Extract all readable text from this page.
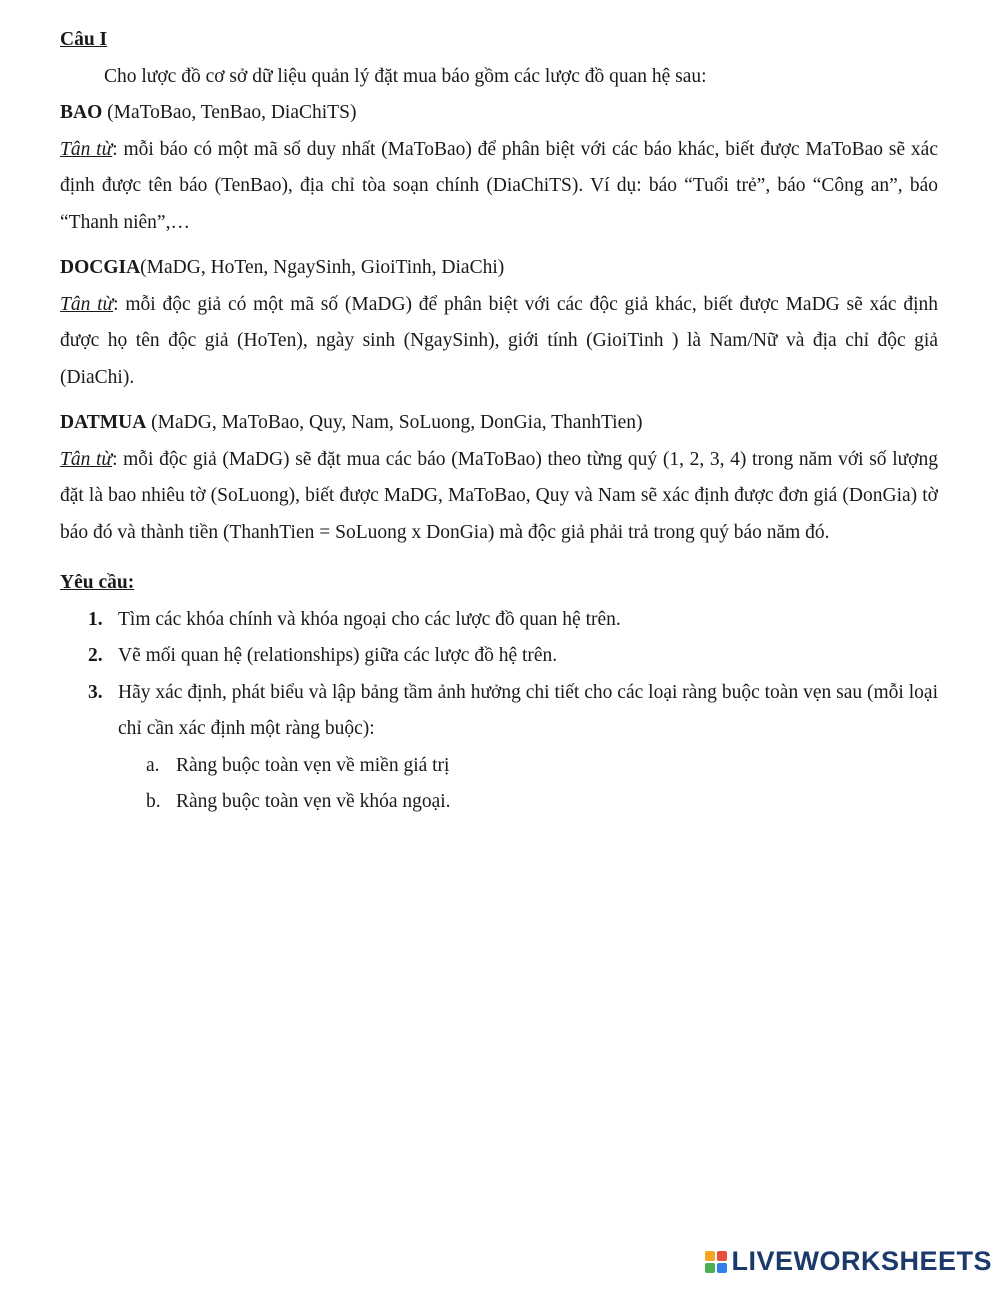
Câu I
Cho lược đồ cơ sở dữ liệu quản lý đặt mua báo gồm các lược đồ quan hệ sau:
BAO (MaToBao, TenBao, DiaChiTS)
Tân từ: mỗi báo có một mã số duy nhất (MaToBao) để phân biệt với các báo khác, biết được MaToBao sẽ xác định được tên báo (TenBao), địa chỉ tòa soạn chính (DiaChiTS). Ví dụ: báo “Tuổi trẻ”, báo “Công an”, báo “Thanh niên”,…
DOCGIA(MaDG, HoTen, NgaySinh, GioiTinh, DiaChi)
Tân từ: mỗi độc giả có một mã số (MaDG) để phân biệt với các độc giả khác, biết được MaDG sẽ xác định được họ tên độc giả (HoTen), ngày sinh (NgaySinh), giới tính (GioiTinh ) là Nam/Nữ và địa chỉ độc giả (DiaChi).
DATMUA (MaDG, MaToBao, Quy, Nam, SoLuong, DonGia, ThanhTien)
Tân từ: mỗi độc giả (MaDG) sẽ đặt mua các báo (MaToBao) theo từng quý (1, 2, 3, 4) trong năm với số lượng đặt là bao nhiêu tờ (SoLuong), biết được MaDG, MaToBao, Quy và Nam sẽ xác định được đơn giá (DonGia) tờ báo đó và thành tiền (ThanhTien = SoLuong x DonGia) mà độc giả phải trả trong quý báo năm đó.
Yêu cầu:
1. Tìm các khóa chính và khóa ngoại cho các lược đồ quan hệ trên.
2. Vẽ mối quan hệ (relationships) giữa các lược đồ hệ trên.
3. Hãy xác định, phát biểu và lập bảng tầm ảnh hưởng chi tiết cho các loại ràng buộc toàn vẹn sau (mỗi loại chỉ cần xác định một ràng buộc):
a. Ràng buộc toàn vẹn về miền giá trị
b. Ràng buộc toàn vẹn về khóa ngoại.
LIVEWORKSHEETS
